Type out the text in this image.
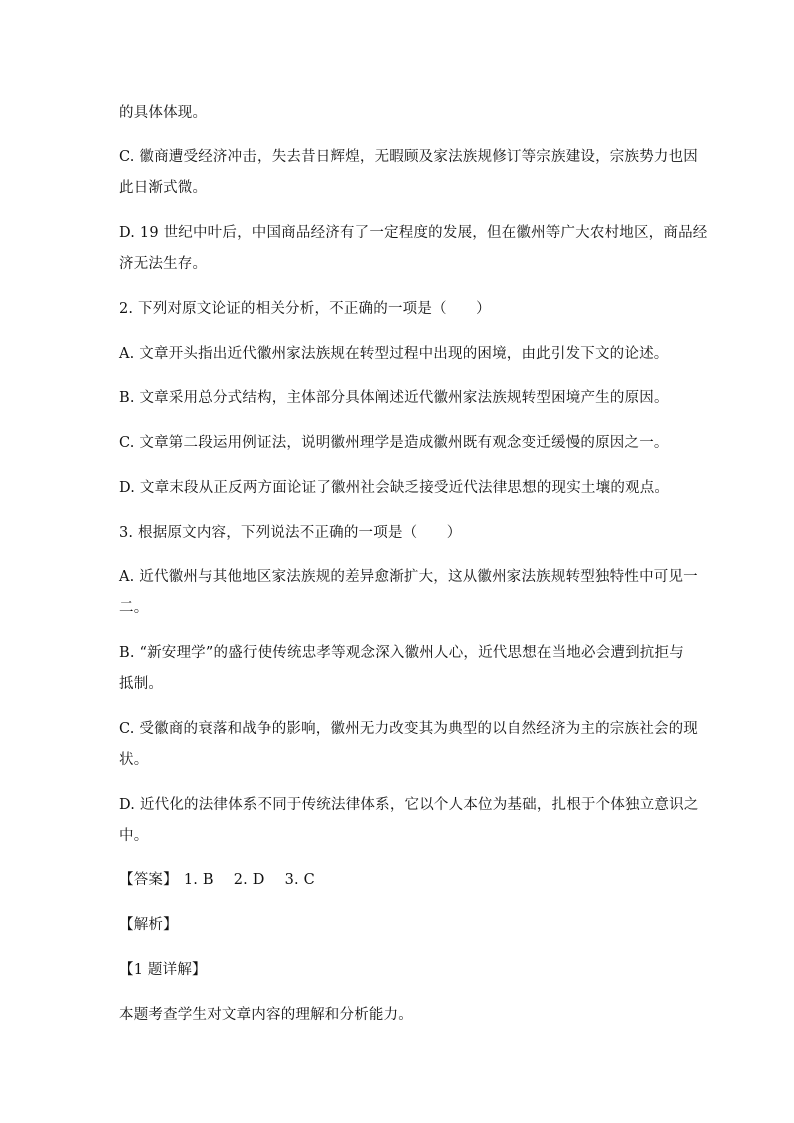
的具体体现。
C. 徽商遭受经济冲击，失去昔日辉煌，无暇顾及家法族规修订等宗族建设，宗族势力也因
此日渐式微。
D. 19 世纪中叶后，中国商品经济有了一定程度的发展，但在徽州等广大农村地区，商品经
济无法生存。
2. 下列对原文论证的相关分析，不正确的一项是（　　）
A. 文章开头指出近代徽州家法族规在转型过程中出现的困境，由此引发下文的论述。
B. 文章采用总分式结构，主体部分具体阐述近代徽州家法族规转型困境产生的原因。
C. 文章第二段运用例证法，说明徽州理学是造成徽州既有观念变迁缓慢的原因之一。
D. 文章末段从正反两方面论证了徽州社会缺乏接受近代法律思想的现实土壤的观点。
3. 根据原文内容，下列说法不正确的一项是（　　）
A. 近代徽州与其他地区家法族规的差异愈渐扩大，这从徽州家法族规转型独特性中可见一
二。
B. “新安理学”的盛行使传统忠孝等观念深入徽州人心，近代思想在当地必会遭到抗拒与
抵制。
C. 受徽商的衰落和战争的影响，徽州无力改变其为典型的以自然经济为主的宗族社会的现
状。
D. 近代化的法律体系不同于传统法律体系，它以个人本位为基础，扎根于个体独立意识之
中。
【答案】 1. B 2. D 3. C
【解析】
【1 题详解】
本题考查学生对文章内容的理解和分析能力。
